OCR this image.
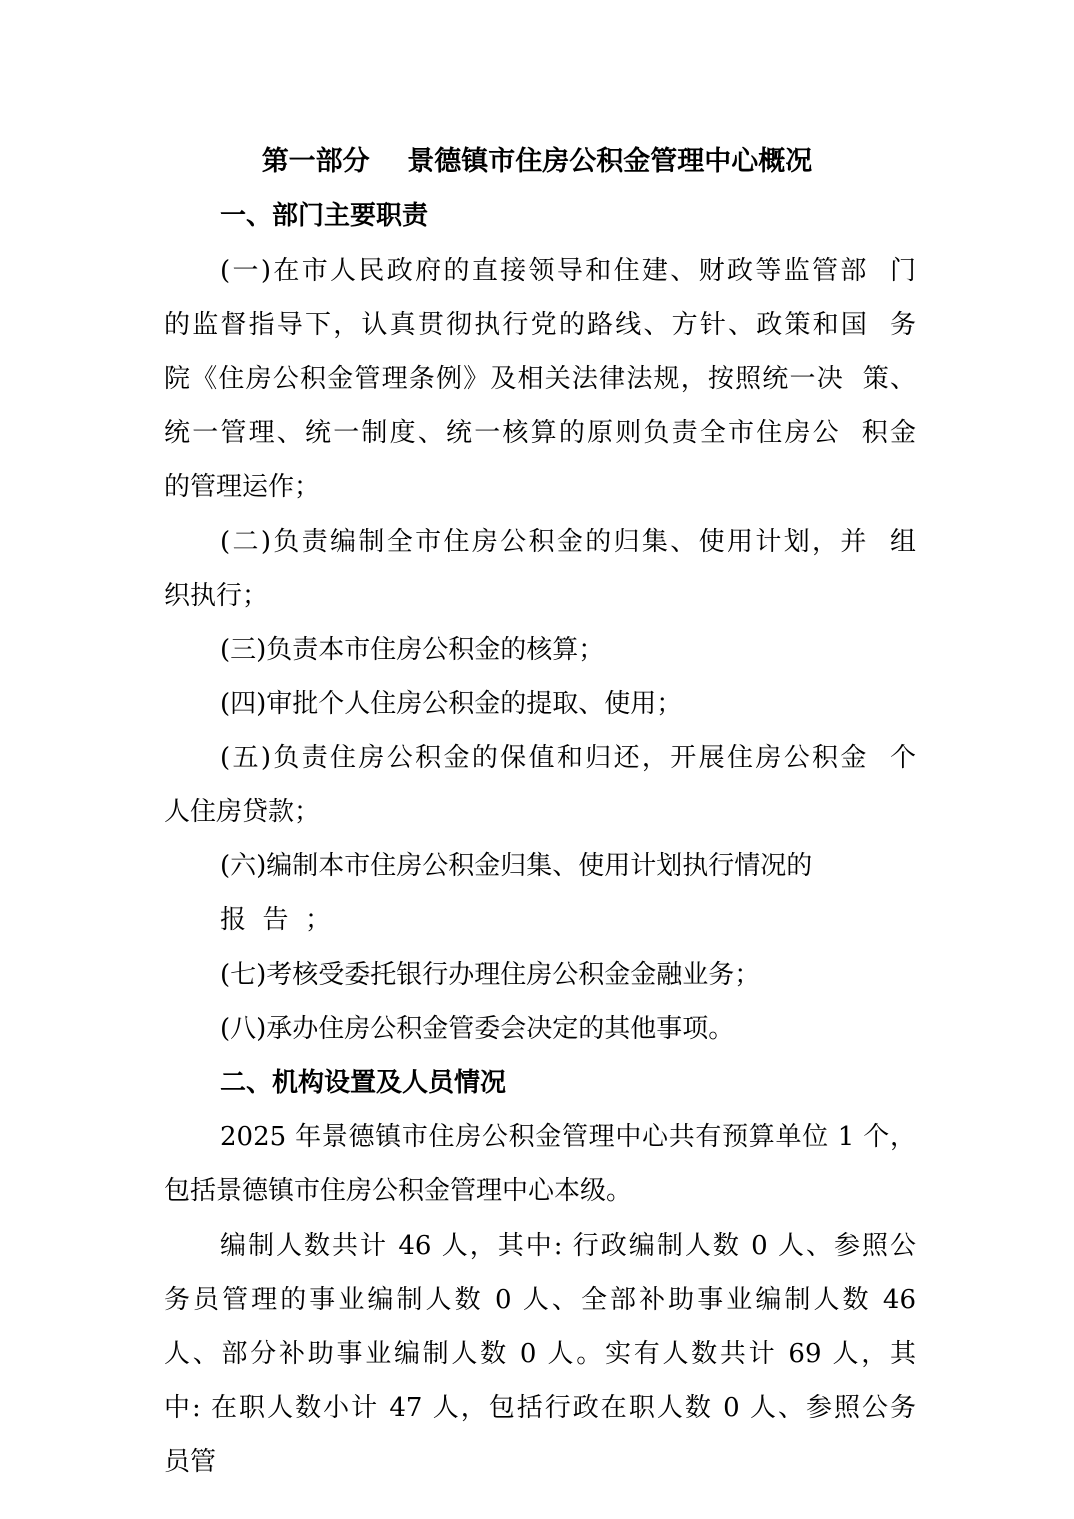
第一部分    景德镇市住房公积金管理中心概况
一、部门主要职责
(一)在市人民政府的直接领导和住建、财政等监管部  门
的监督指导下，认真贯彻执行党的路线、方针、政策和国  务
院《住房公积金管理条例》及相关法律法规，按照统一决  策、
统一管理、统一制度、统一核算的原则负责全市住房公  积金
的管理运作；
(二)负责编制全市住房公积金的归集、使用计划，并  组
织执行；
(三)负责本市住房公积金的核算；
(四)审批个人住房公积金的提取、使用；
(五)负责住房公积金的保值和归还，开展住房公积金  个
人住房贷款；
(六)编制本市住房公积金归集、使用计划执行情况的
报  告  ；
(七)考核受委托银行办理住房公积金金融业务；
(八)承办住房公积金管委会决定的其他事项。
二、机构设置及人员情况
2025 年景德镇市住房公积金管理中心共有预算单位 1 个，
包括景德镇市住房公积金管理中心本级。
编制人数共计 46 人，其中: 行政编制人数 0 人、参照公
务员管理的事业编制人数 0 人、全部补助事业编制人数 46
人、部分补助事业编制人数 0 人。实有人数共计 69 人，其
中: 在职人数小计 47 人，包括行政在职人数 0 人、参照公务
员管
